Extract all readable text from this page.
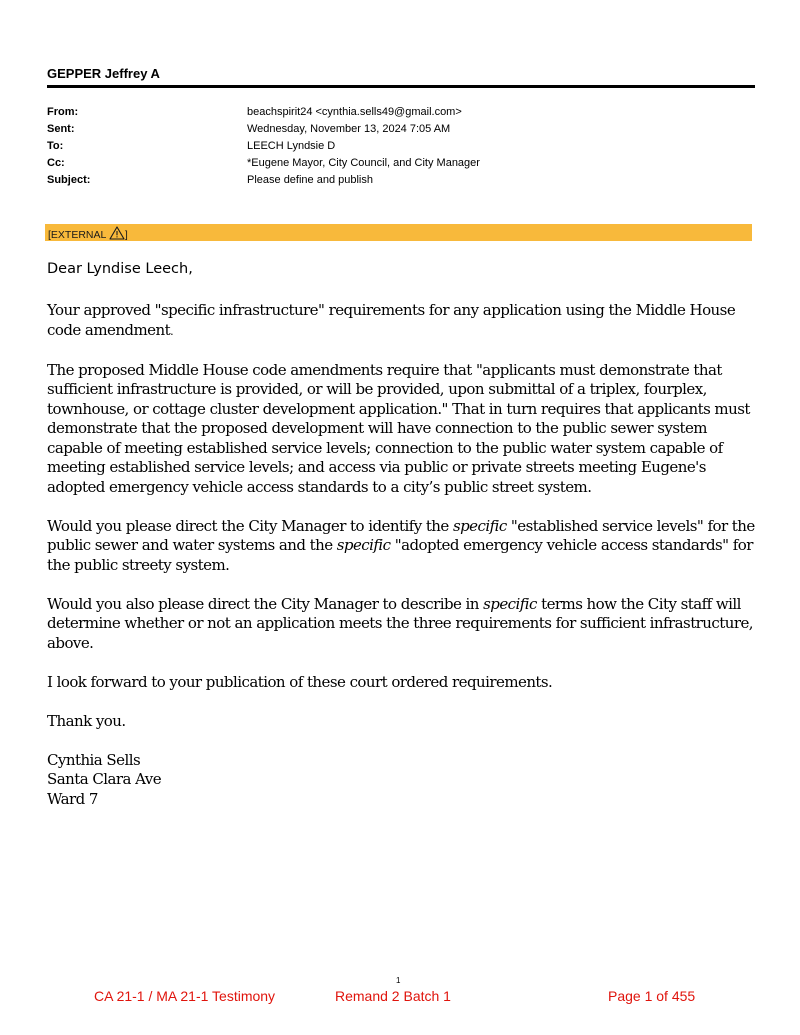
GEPPER Jeffrey A
From:	beachspirit24 <cynthia.sells49@gmail.com>
Sent:	Wednesday, November 13, 2024 7:05 AM
To:	LEECH Lyndsie D
Cc:	*Eugene Mayor, City Council, and City Manager
Subject:	Please define and publish
[EXTERNAL ]
Dear Lyndise Leech,

Your approved "specific infrastructure" requirements for any application using the Middle House code amendment.

The proposed Middle House code amendments require that "applicants must demonstrate that sufficient infrastructure is provided, or will be provided, upon submittal of a triplex, fourplex, townhouse, or cottage cluster development application." That in turn requires that applicants must demonstrate that the proposed development will have connection to the public sewer system capable of meeting established service levels; connection to the public water system capable of meeting established service levels; and access via public or private streets meeting Eugene's adopted emergency vehicle access standards to a city’s public street system.

Would you please direct the City Manager to identify the specific "established service levels" for the public sewer and water systems and the specific "adopted emergency vehicle access standards" for the public streety system.

Would you also please direct the City Manager to describe in specific terms how the City staff will determine whether or not an application meets the three requirements for sufficient infrastructure, above.

I look forward to your publication of these court ordered requirements.

Thank you.

Cynthia Sells
Santa Clara Ave
Ward 7

1
CA 21-1 / MA 21-1 Testimony	Remand 2 Batch 1	Page 1 of 455
